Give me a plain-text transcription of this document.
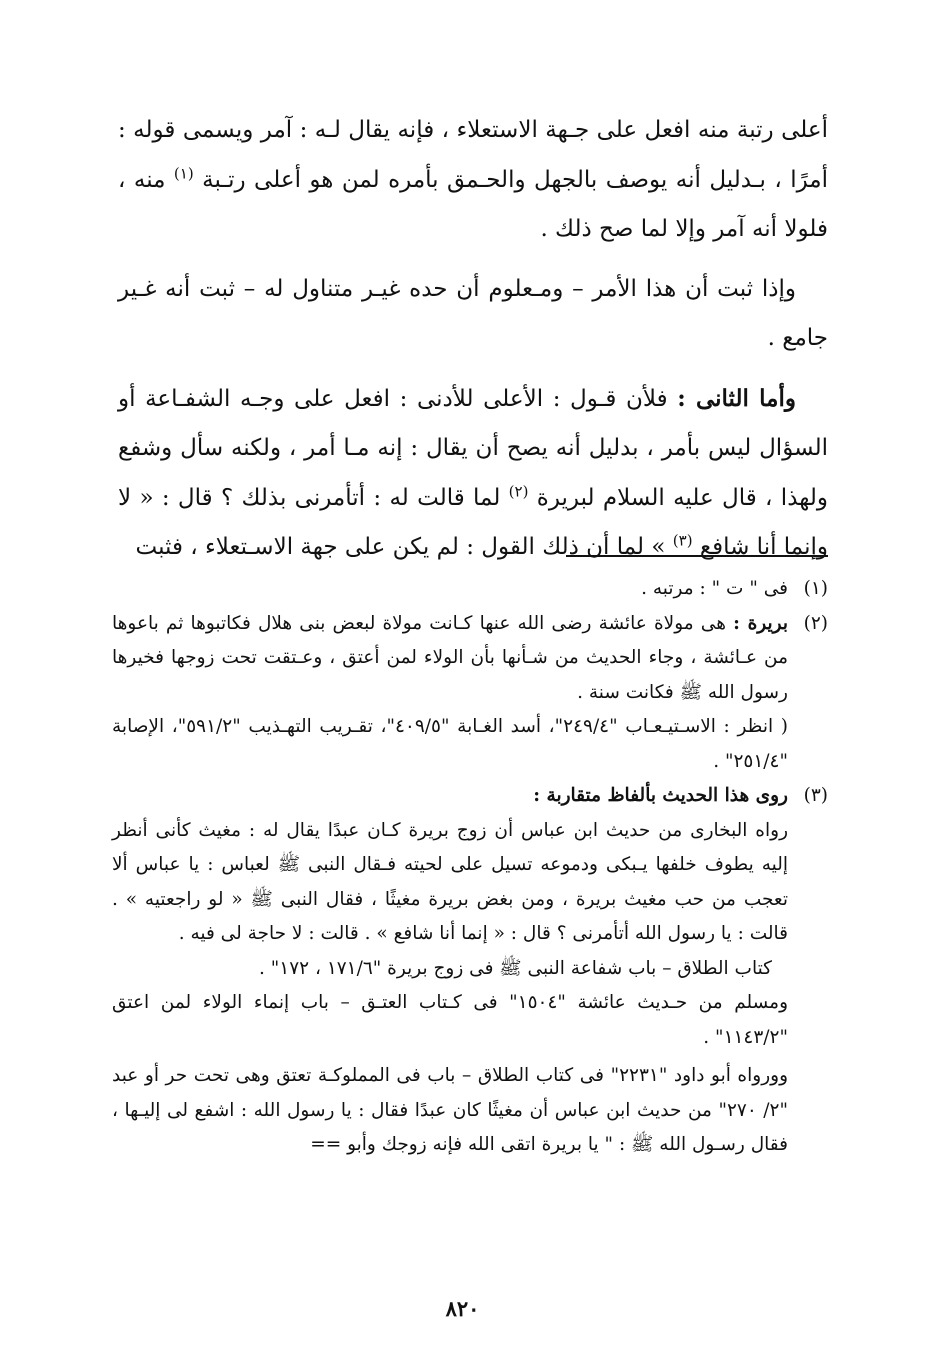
أعلى رتبة منه افعل على جـهة الاستعلاء ، فإنه يقال لـه : آمر ويسمى قوله : أمرًا ، بـدليل أنه يوصف بالجهل والحـمق بأمره لمن هو أعلى رتـبة $^{(١)}$ منه ، فلولا أنه آمر وإلا لما صح ذلك .

وإذا ثبت أن هذا الأمر – ومـعلوم أن حده غيـر متناول له – ثبت أنه غـير جامع .

وأما الثانى : فلأن قـول : الأعلى للأدنى : افعل على وجـه الشفـاعة أو السؤال ليس بأمر ، بدليل أنه يصح أن يقال : إنه مـا أمر ، ولكنه سأل وشفع ولهذا ، قال عليه السلام لبريرة $^{(٢)}$ لما قالت له : أتأمرنى بذلك ؟ قال : « لا وإنما أنا شافع $^{(٣)}$ » لما أن ذلك القول : لم يكن على جهة الاسـتعلاء ، فثبت

(١)

فى " ت " : مرتبه .

(٢)

بريرة : هى مولاة عائشة رضى الله عنها كـانت مولاة لبعض بنى هلال فكاتبوها ثم باعوها من عـائشة ، وجاء الحديث من شـأنها بأن الولاء لمن أعتق ، وعـتقت تحت زوجها فخيرها رسول الله ﷺ فكانت سنة .

( انظر : الاسـتيـعـاب "٢٤٩/٤"، أسد الغـابة "٤٠٩/٥"، تقـريب التهـذيب "٥٩١/٢"، الإصابة "٢٥١/٤" .

(٣)

روى هذا الحديث بألفاظ متقاربة :

رواه البخارى من حديث ابن عباس أن زوج بريرة كـان عبدًا يقال له : مغيث كأنى أنظر إليه يطوف خلفها يـبكى ودموعه تسيل على لحيته فـقال النبى ﷺ لعباس : يا عباس ألا تعجب من حب مغيث بريرة ، ومن بغض بريرة مغيثًا ، فقال النبى ﷺ « لو راجعتيه » . قالت : يا رسول الله أتأمرنى ؟ قال : « إنما أنا شافع » . قالت : لا حاجة لى فيه .

كتاب الطلاق – باب شفاعة النبى ﷺ فى زوج بريرة "١٧١/٦ ، ١٧٢" .

ومسلم من حـديث عائشة "١٥٠٤" فى كـتاب العتـق – باب إنماء الولاء لمن اعتق "١١٤٣/٢" .

وورواه أبو داود "٢٢٣١" فى كتاب الطلاق – باب فى المملوكـة تعتق وهى تحت حر أو عبد "٢/ ٢٧٠" من حديث ابن عباس أن مغيثًا كان عبدًا فقال : يا رسول الله : اشفع لى إليـها ، فقال رسـول الله ﷺ : " يا بريرة اتقى الله فإنه زوجك وأبو ==

٨٢٠
